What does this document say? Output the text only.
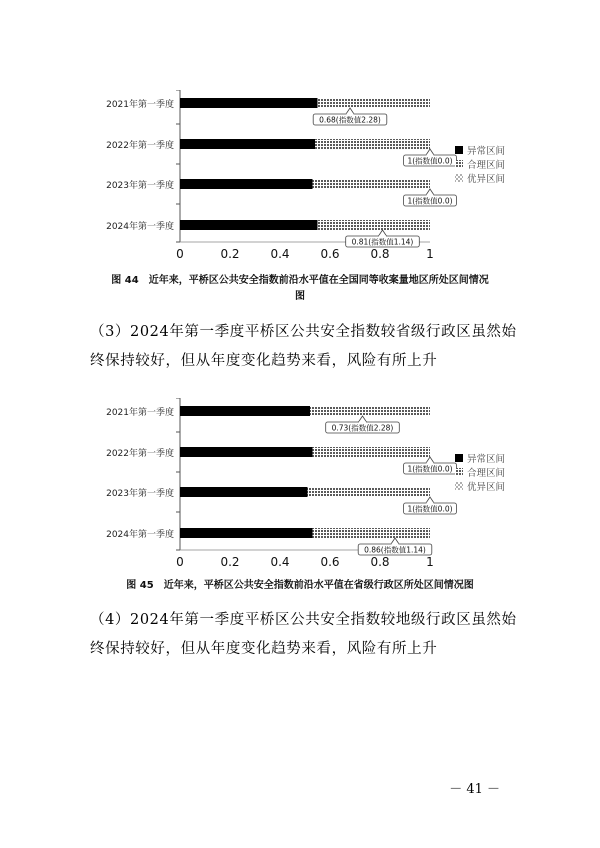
0	0.2	0.4	0.6	0.8	1
2021年第一季度
0.68(指数值2.28)
2022年第一季度
1(指数值0.0)
2023年第一季度
1(指数值0.0)
2024年第一季度
0.81(指数值1.14)
异常区间
合理区间
优异区间
图 44　近年来，平桥区公共安全指数前沿水平值在全国同等收案量地区所处区间情况
图
（3）2024年第一季度平桥区公共安全指数较省级行政区虽然始
终保持较好，但从年度变化趋势来看，风险有所上升
0	0.2	0.4	0.6	0.8	1
2021年第一季度
0.73(指数值2.28)
2022年第一季度
1(指数值0.0)
2023年第一季度
1(指数值0.0)
2024年第一季度
0.86(指数值1.14)
异常区间
合理区间
优异区间
图 45　近年来，平桥区公共安全指数前沿水平值在省级行政区所处区间情况图
（4）2024年第一季度平桥区公共安全指数较地级行政区虽然始
终保持较好，但从年度变化趋势来看，风险有所上升
－ 41 －
